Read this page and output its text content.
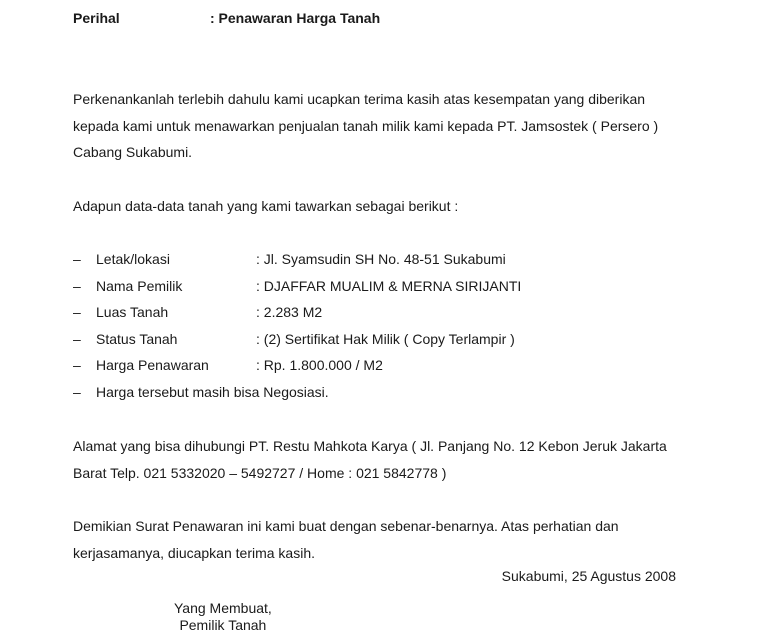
Perihal	: Penawaran Harga Tanah
Perkenankanlah terlebih dahulu kami ucapkan terima kasih atas kesempatan yang diberikan kepada kami untuk menawarkan penjualan tanah milik kami kepada PT. Jamsostek ( Persero ) Cabang Sukabumi.
Adapun data-data tanah yang kami tawarkan sebagai berikut :
– Letak/lokasi	: Jl. Syamsudin SH No. 48-51 Sukabumi
– Nama Pemilik	: DJAFFAR MUALIM & MERNA SIRIJANTI
– Luas Tanah	: 2.283 M2
– Status Tanah	: (2) Sertifikat Hak Milik ( Copy Terlampir )
– Harga Penawaran	: Rp. 1.800.000 / M2
– Harga tersebut masih bisa Negosiasi.
Alamat yang bisa dihubungi PT. Restu Mahkota Karya ( Jl. Panjang No. 12 Kebon Jeruk Jakarta Barat Telp. 021 5332020 – 5492727 / Home : 021 5842778 )
Demikian Surat Penawaran ini kami buat dengan sebenar-benarnya. Atas perhatian dan kerjasamanya, diucapkan terima kasih.
Sukabumi, 25 Agustus 2008
Yang Membuat,
Pemilik Tanah
